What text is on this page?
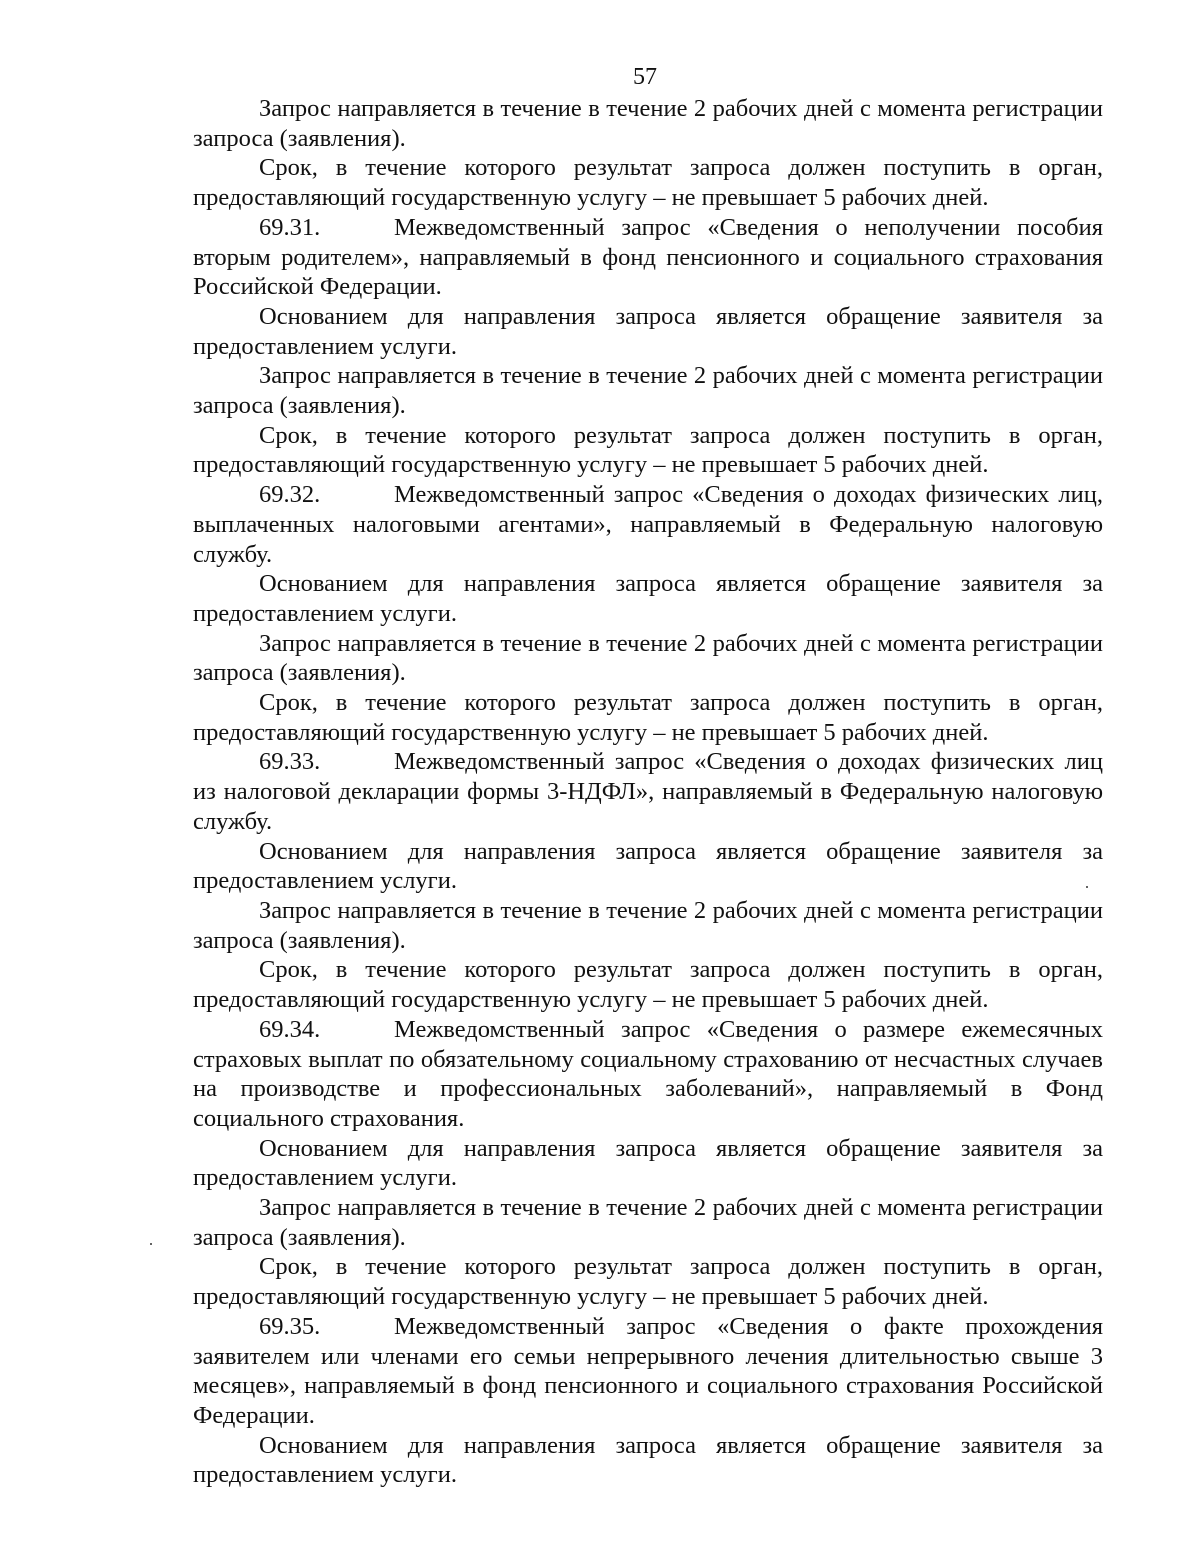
57

Запрос направляется в течение в течение 2 рабочих дней с момента регистрации запроса (заявления).

Срок, в течение которого результат запроса должен поступить в орган, предоставляющий государственную услугу – не превышает 5 рабочих дней.

69.31.	Межведомственный запрос «Сведения о неполучении пособия вторым родителем», направляемый в фонд пенсионного и социального страхования Российской Федерации.

Основанием для направления запроса является обращение заявителя за предоставлением услуги.

Запрос направляется в течение в течение 2 рабочих дней с момента регистрации запроса (заявления).

Срок, в течение которого результат запроса должен поступить в орган, предоставляющий государственную услугу – не превышает 5 рабочих дней.

69.32.	Межведомственный запрос «Сведения о доходах физических лиц, выплаченных налоговыми агентами», направляемый в Федеральную налоговую службу.

Основанием для направления запроса является обращение заявителя за предоставлением услуги.

Запрос направляется в течение в течение 2 рабочих дней с момента регистрации запроса (заявления).

Срок, в течение которого результат запроса должен поступить в орган, предоставляющий государственную услугу – не превышает 5 рабочих дней.

69.33.	Межведомственный запрос «Сведения о доходах физических лиц из налоговой декларации формы 3-НДФЛ», направляемый в Федеральную налоговую службу.

Основанием для направления запроса является обращение заявителя за предоставлением услуги.

Запрос направляется в течение в течение 2 рабочих дней с момента регистрации запроса (заявления).

Срок, в течение которого результат запроса должен поступить в орган, предоставляющий государственную услугу – не превышает 5 рабочих дней.

69.34.	Межведомственный запрос «Сведения о размере ежемесячных страховых выплат по обязательному социальному страхованию от несчастных случаев на производстве и профессиональных заболеваний», направляемый в Фонд социального страхования.

Основанием для направления запроса является обращение заявителя за предоставлением услуги.

Запрос направляется в течение в течение 2 рабочих дней с момента регистрации запроса (заявления).

Срок, в течение которого результат запроса должен поступить в орган, предоставляющий государственную услугу – не превышает 5 рабочих дней.

69.35.	Межведомственный запрос «Сведения о факте прохождения заявителем или членами его семьи непрерывного лечения длительностью свыше 3 месяцев», направляемый в фонд пенсионного и социального страхования Российской Федерации.

Основанием для направления запроса является обращение заявителя за предоставлением услуги.
